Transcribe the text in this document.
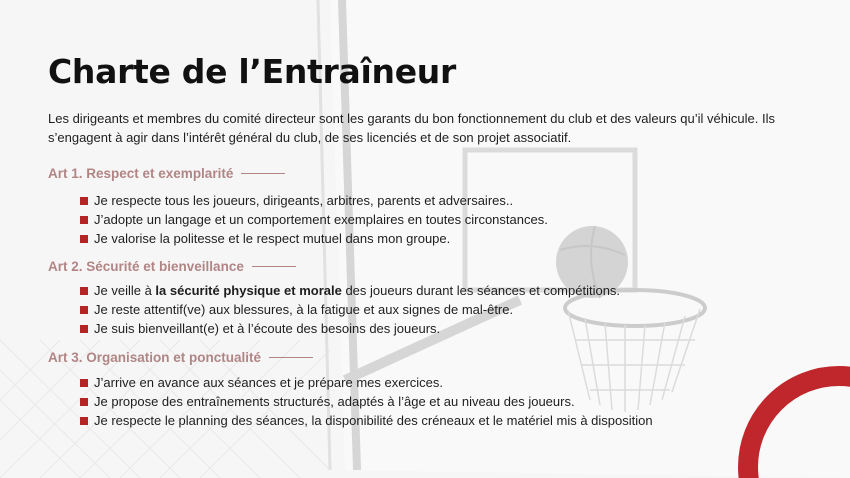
Charte de l’Entraîneur

Les dirigeants et membres du comité directeur sont les garants du bon fonctionnement du club et des valeurs qu’il véhicule. Ils

s’engagent à agir dans l’intérêt général du club, de ses licenciés et de son projet associatif.

Art 1. Respect et exemplarité
Je respecte tous les joueurs, dirigeants, arbitres, parents et adversaires..
J’adopte un langage et un comportement exemplaires en toutes circonstances.
Je valorise la politesse et le respect mutuel dans mon groupe.
Art 2. Sécurité et bienveillance
Je veille à la sécurité physique et morale des joueurs durant les séances et compétitions.
Je reste attentif(ve) aux blessures, à la fatigue et aux signes de mal-être.
Je suis bienveillant(e) et à l’écoute des besoins des joueurs.
Art 3. Organisation et ponctualité
J’arrive en avance aux séances et je prépare mes exercices.
Je propose des entraînements structurés, adaptés à l’âge et au niveau des joueurs.
Je respecte le planning des séances, la disponibilité des créneaux et le matériel mis à disposition
